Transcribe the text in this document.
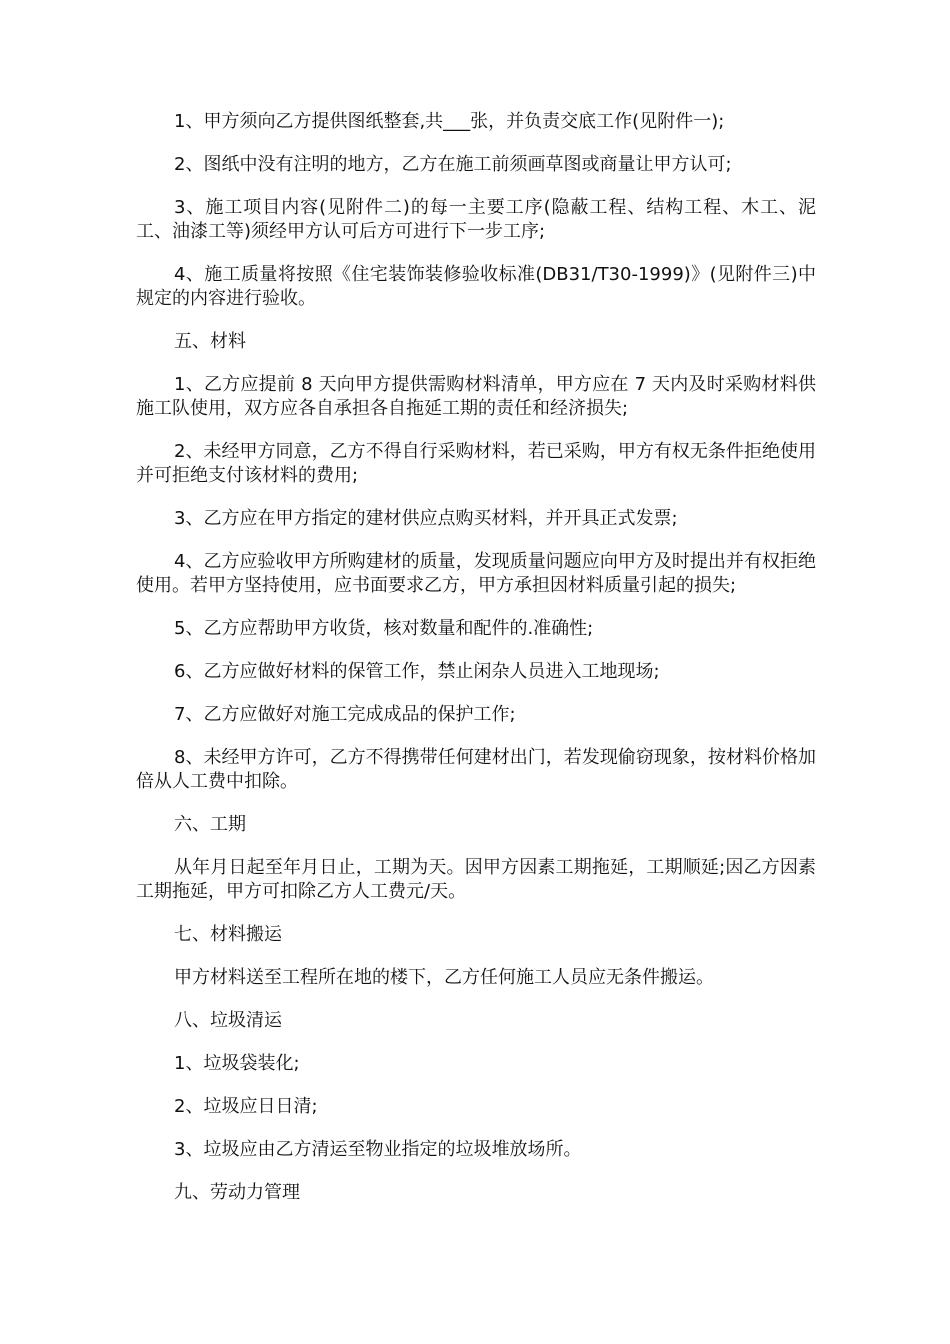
1、甲方须向乙方提供图纸整套,共___张，并负责交底工作(见附件一);

2、图纸中没有注明的地方，乙方在施工前须画草图或商量让甲方认可;

3、施工项目内容(见附件二)的每一主要工序(隐蔽工程、结构工程、木工、泥工、油漆工等)须经甲方认可后方可进行下一步工序;

4、施工质量将按照《住宅装饰装修验收标准(DB31/T30-1999)》(见附件三)中规定的内容进行验收。

五、材料

1、乙方应提前 8 天向甲方提供需购材料清单，甲方应在 7 天内及时采购材料供施工队使用，双方应各自承担各自拖延工期的责任和经济损失;

2、未经甲方同意，乙方不得自行采购材料，若已采购，甲方有权无条件拒绝使用并可拒绝支付该材料的费用;

3、乙方应在甲方指定的建材供应点购买材料，并开具正式发票;

4、乙方应验收甲方所购建材的质量，发现质量问题应向甲方及时提出并有权拒绝使用。若甲方坚持使用，应书面要求乙方，甲方承担因材料质量引起的损失;

5、乙方应帮助甲方收货，核对数量和配件的.准确性;

6、乙方应做好材料的保管工作，禁止闲杂人员进入工地现场;

7、乙方应做好对施工完成成品的保护工作;

8、未经甲方许可，乙方不得携带任何建材出门，若发现偷窃现象，按材料价格加倍从人工费中扣除。

六、工期

从年月日起至年月日止，工期为天。因甲方因素工期拖延，工期顺延;因乙方因素工期拖延，甲方可扣除乙方人工费元/天。

七、材料搬运

甲方材料送至工程所在地的楼下，乙方任何施工人员应无条件搬运。

八、垃圾清运

1、垃圾袋装化;

2、垃圾应日日清;

3、垃圾应由乙方清运至物业指定的垃圾堆放场所。

九、劳动力管理
